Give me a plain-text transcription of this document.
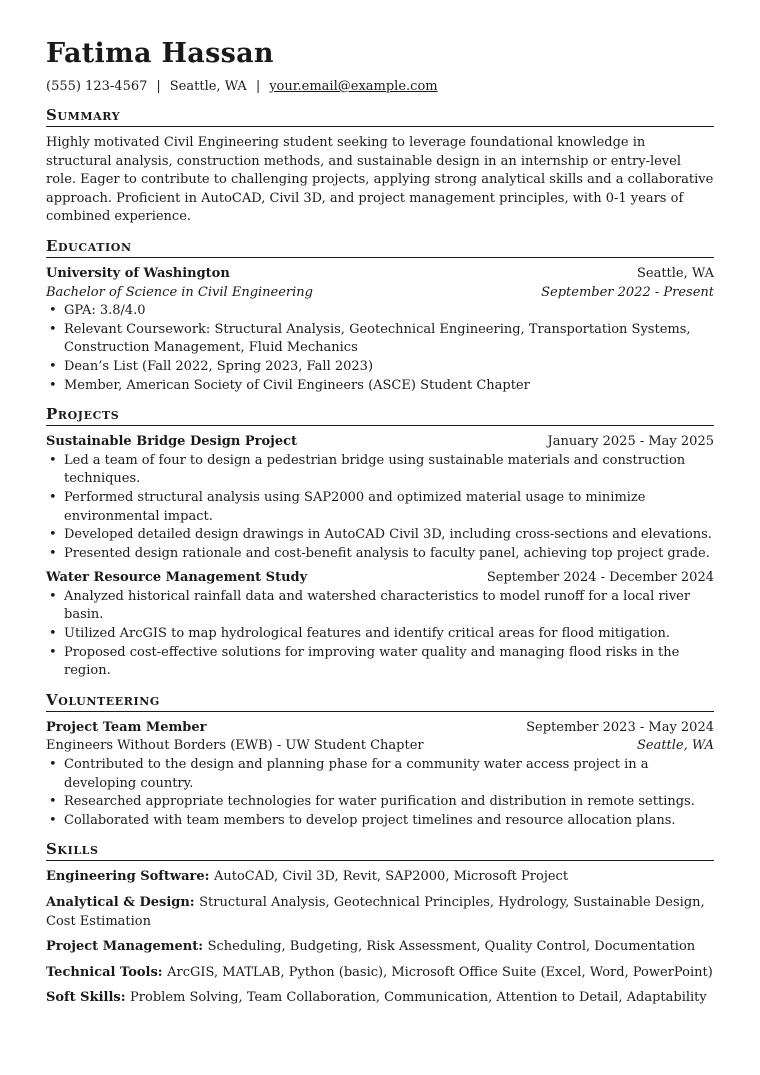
Fatima Hassan
(555) 123-4567 | Seattle, WA | your.email@example.com
Summary

Highly motivated Civil Engineering student seeking to leverage foundational knowledge in structural analysis, construction methods, and sustainable design in an internship or entry-level role. Eager to contribute to challenging projects, applying strong analytical skills and a collaborative approach. Proficient in AutoCAD, Civil 3D, and project management principles, with 0-1 years of combined experience.

Education
University of Washington	Seattle, WA
Bachelor of Science in Civil Engineering	September 2022 - Present
• GPA: 3.8/4.0
• Relevant Coursework: Structural Analysis, Geotechnical Engineering, Transportation Systems, Construction Management, Fluid Mechanics
• Dean’s List (Fall 2022, Spring 2023, Fall 2023)
• Member, American Society of Civil Engineers (ASCE) Student Chapter
Projects
Sustainable Bridge Design Project	January 2025 - May 2025
• Led a team of four to design a pedestrian bridge using sustainable materials and construction techniques.
• Performed structural analysis using SAP2000 and optimized material usage to minimize environmental impact.
• Developed detailed design drawings in AutoCAD Civil 3D, including cross-sections and elevations.
• Presented design rationale and cost-benefit analysis to faculty panel, achieving top project grade.
Water Resource Management Study	September 2024 - December 2024
• Analyzed historical rainfall data and watershed characteristics to model runoff for a local river basin.
• Utilized ArcGIS to map hydrological features and identify critical areas for flood mitigation.
• Proposed cost-effective solutions for improving water quality and managing flood risks in the region.
Volunteering
Project Team Member	September 2023 - May 2024
Engineers Without Borders (EWB) - UW Student Chapter	Seattle, WA
• Contributed to the design and planning phase for a community water access project in a developing country.
• Researched appropriate technologies for water purification and distribution in remote settings.
• Collaborated with team members to develop project timelines and resource allocation plans.
Skills
Engineering Software: AutoCAD, Civil 3D, Revit, SAP2000, Microsoft Project
Analytical & Design: Structural Analysis, Geotechnical Principles, Hydrology, Sustainable Design, Cost Estimation
Project Management: Scheduling, Budgeting, Risk Assessment, Quality Control, Documentation
Technical Tools: ArcGIS, MATLAB, Python (basic), Microsoft Office Suite (Excel, Word, PowerPoint)
Soft Skills: Problem Solving, Team Collaboration, Communication, Attention to Detail, Adaptability
